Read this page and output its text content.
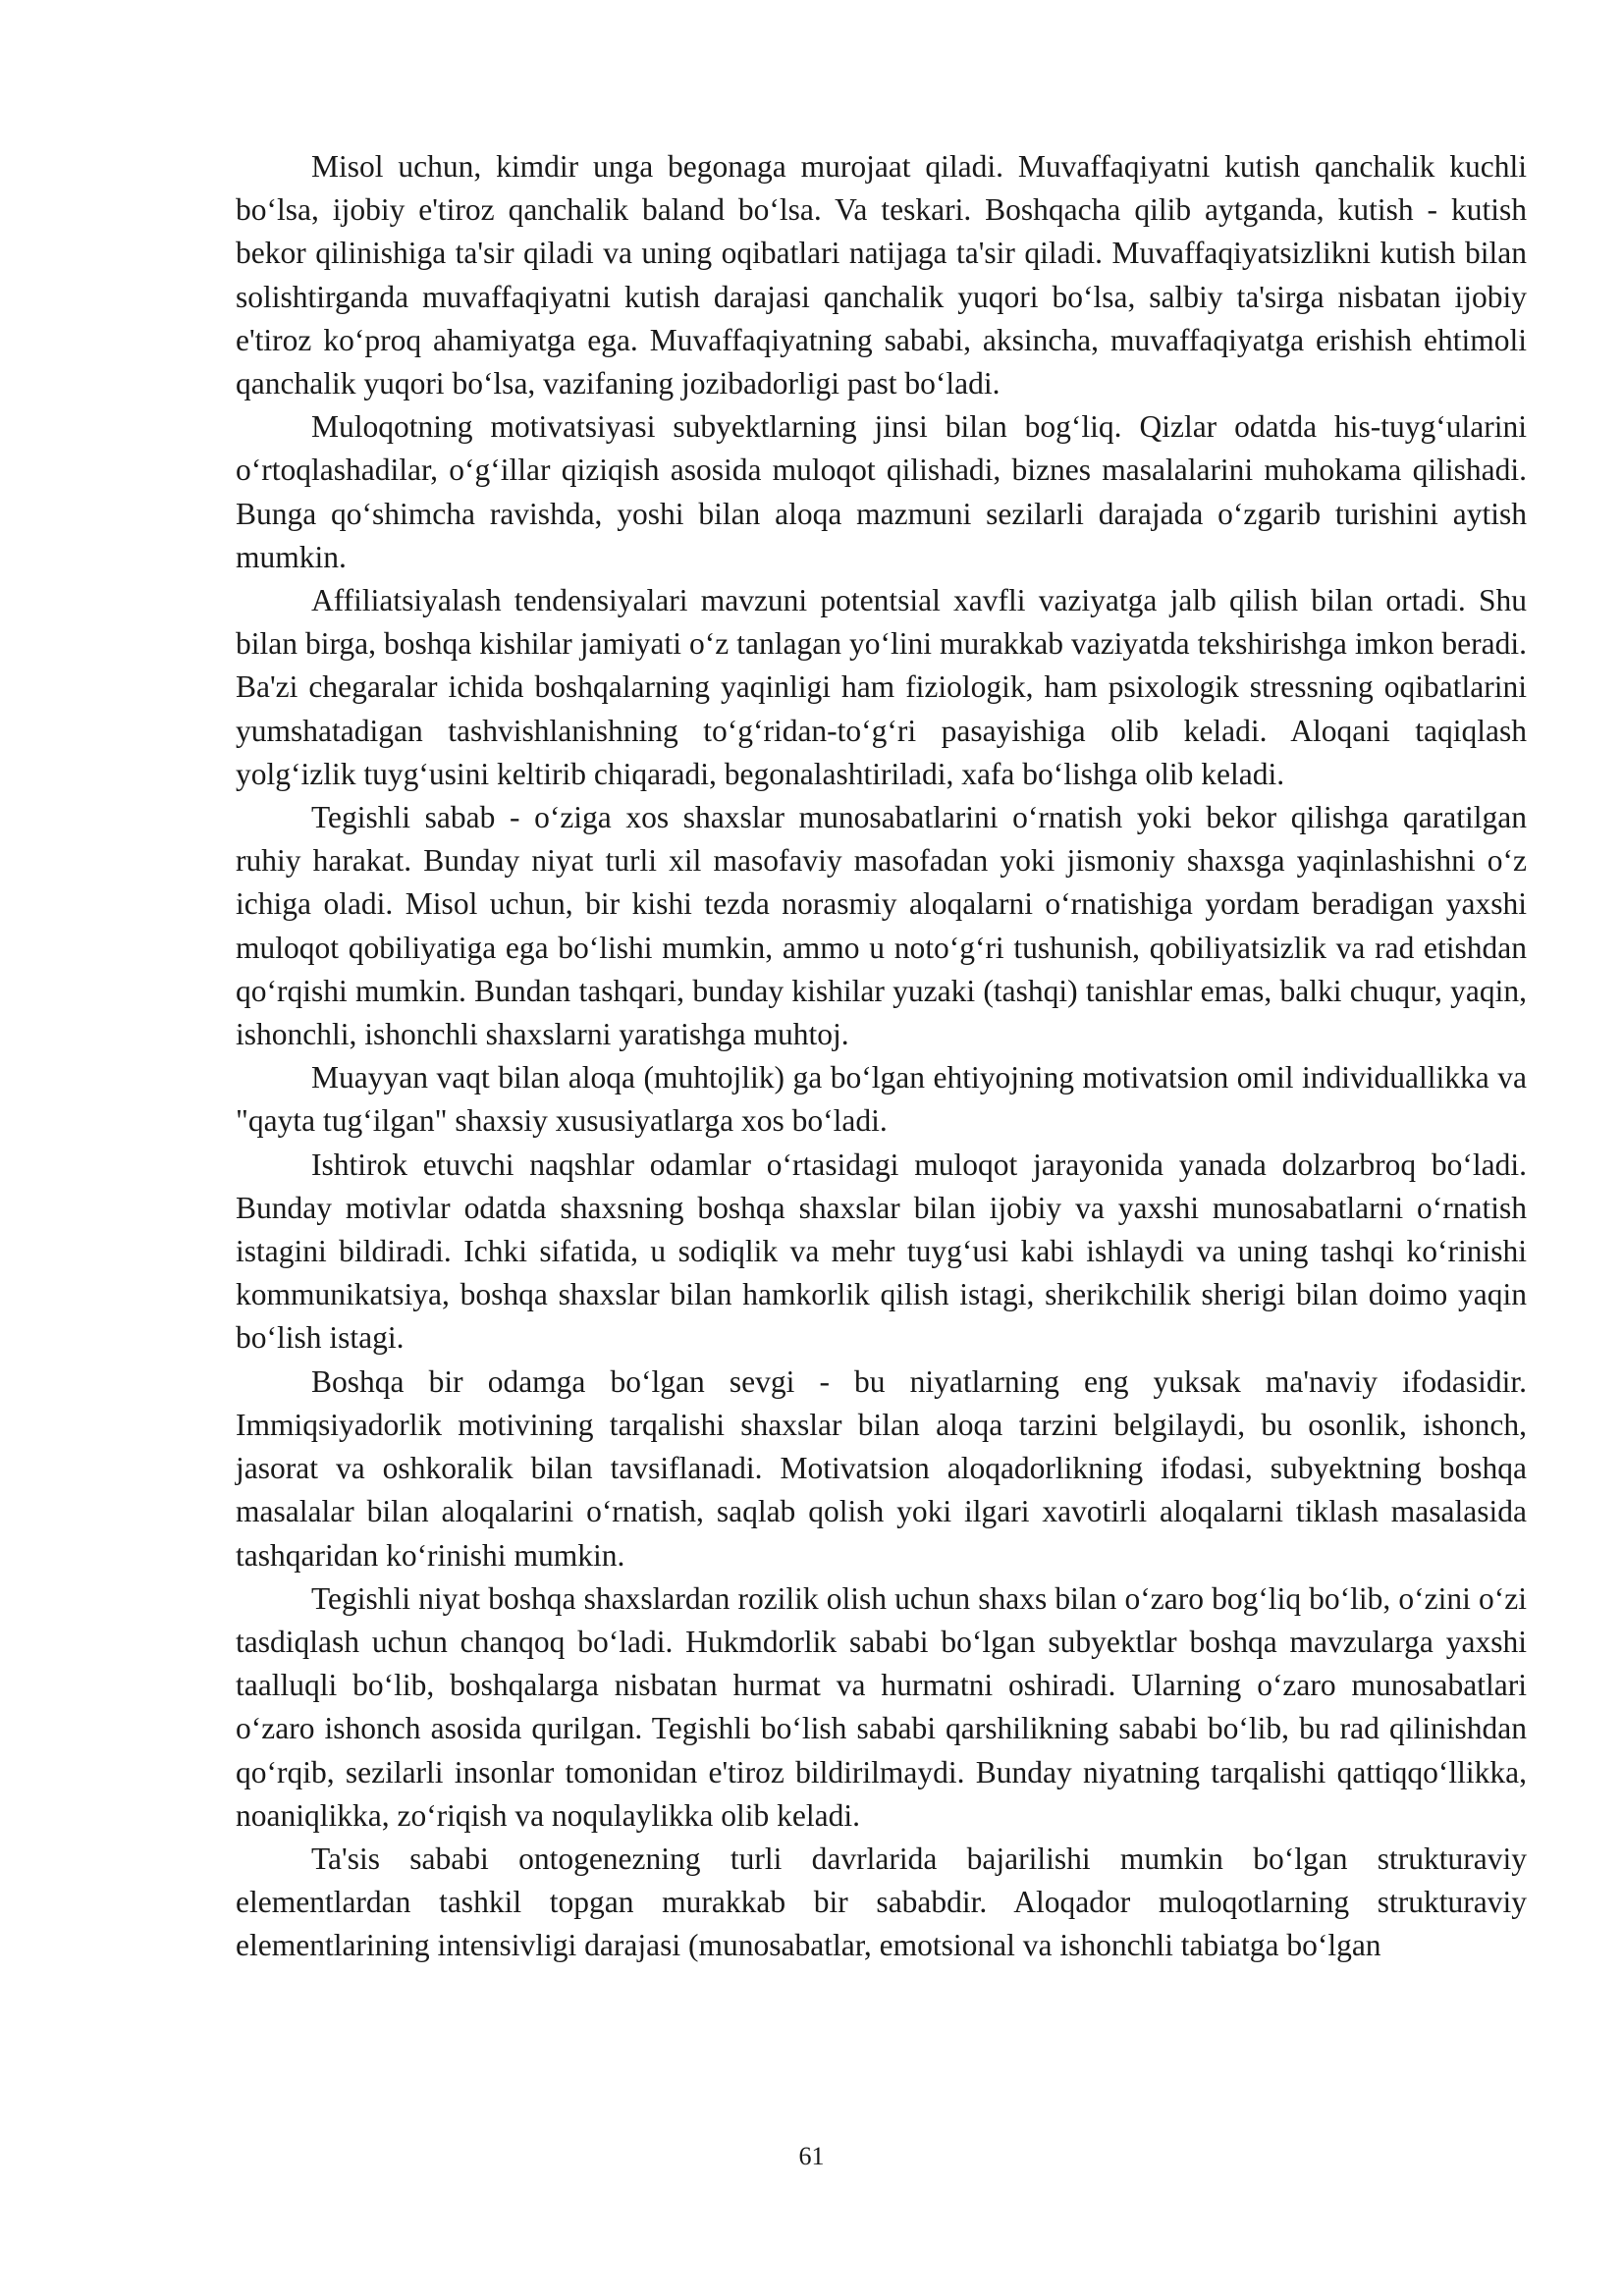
Misol uchun, kimdir unga begonaga murojaat qiladi. Muvaffaqiyatni kutish qanchalik kuchli bo‘lsa, ijobiy e'tiroz qanchalik baland bo‘lsa. Va teskari. Boshqacha qilib aytganda, kutish - kutish bekor qilinishiga ta'sir qiladi va uning oqibatlari natijaga ta'sir qiladi. Muvaffaqiyatsizlikni kutish bilan solishtirganda muvaffaqiyatni kutish darajasi qanchalik yuqori bo‘lsa, salbiy ta'sirga nisbatan ijobiy e'tiroz ko‘proq ahamiyatga ega. Muvaffaqiyatning sababi, aksincha, muvaffaqiyatga erishish ehtimoli qanchalik yuqori bo‘lsa, vazifaning jozibadorligi past bo‘ladi.

Muloqotning motivatsiyasi subyektlarning jinsi bilan bog‘liq. Qizlar odatda his-tuyg‘ularini o‘rtoqlashadilar, o‘g‘illar qiziqish asosida muloqot qilishadi, biznes masalalarini muhokama qilishadi. Bunga qo‘shimcha ravishda, yoshi bilan aloqa mazmuni sezilarli darajada o‘zgarib turishini aytish mumkin.

Affiliatsiyalash tendensiyalari mavzuni potentsial xavfli vaziyatga jalb qilish bilan ortadi. Shu bilan birga, boshqa kishilar jamiyati o‘z tanlagan yo‘lini murakkab vaziyatda tekshirishga imkon beradi. Ba'zi chegaralar ichida boshqalarning yaqinligi ham fiziologik, ham psixologik stressning oqibatlarini yumshatadigan tashvishlanishning to‘g‘ridan-to‘g‘ri pasayishiga olib keladi. Aloqani taqiqlash yolg‘izlik tuyg‘usini keltirib chiqaradi, begonalashtiriladi, xafa bo‘lishga olib keladi.

Tegishli sabab - o‘ziga xos shaxslar munosabatlarini o‘rnatish yoki bekor qilishga qaratilgan ruhiy harakat. Bunday niyat turli xil masofaviy masofadan yoki jismoniy shaxsga yaqinlashishni o‘z ichiga oladi. Misol uchun, bir kishi tezda norasmiy aloqalarni o‘rnatishiga yordam beradigan yaxshi muloqot qobiliyatiga ega bo‘lishi mumkin, ammo u noto‘g‘ri tushunish, qobiliyatsizlik va rad etishdan qo‘rqishi mumkin. Bundan tashqari, bunday kishilar yuzaki (tashqi) tanishlar emas, balki chuqur, yaqin, ishonchli, ishonchli shaxslarni yaratishga muhtoj.

Muayyan vaqt bilan aloqa (muhtojlik) ga bo‘lgan ehtiyojning motivatsion omil individuallikka va "qayta tug‘ilgan" shaxsiy xususiyatlarga xos bo‘ladi.

Ishtirok etuvchi naqshlar odamlar o‘rtasidagi muloqot jarayonida yanada dolzarbroq bo‘ladi. Bunday motivlar odatda shaxsning boshqa shaxslar bilan ijobiy va yaxshi munosabatlarni o‘rnatish istagini bildiradi. Ichki sifatida, u sodiqlik va mehr tuyg‘usi kabi ishlaydi va uning tashqi ko‘rinishi kommunikatsiya, boshqa shaxslar bilan hamkorlik qilish istagi, sherikchilik sherigi bilan doimo yaqin bo‘lish istagi.

Boshqa bir odamga bo‘lgan sevgi - bu niyatlarning eng yuksak ma'naviy ifodasidir. Immiqsiyadorlik motivining tarqalishi shaxslar bilan aloqa tarzini belgilaydi, bu osonlik, ishonch, jasorat va oshkoralik bilan tavsiflanadi. Motivatsion aloqadorlikning ifodasi, subyektning boshqa masalalar bilan aloqalarini o‘rnatish, saqlab qolish yoki ilgari xavotirli aloqalarni tiklash masalasida tashqaridan ko‘rinishi mumkin.

Tegishli niyat boshqa shaxslardan rozilik olish uchun shaxs bilan o‘zaro bog‘liq bo‘lib, o‘zini o‘zi tasdiqlash uchun chanqoq bo‘ladi. Hukmdorlik sababi bo‘lgan subyektlar boshqa mavzularga yaxshi taalluqli bo‘lib, boshqalarga nisbatan hurmat va hurmatni oshiradi. Ularning o‘zaro munosabatlari o‘zaro ishonch asosida qurilgan. Tegishli bo‘lish sababi qarshilikning sababi bo‘lib, bu rad qilinishdan qo‘rqib, sezilarli insonlar tomonidan e'tiroz bildirilmaydi. Bunday niyatning tarqalishi qattiqqo‘llikka, noaniqlikka, zo‘riqish va noqulaylikka olib keladi.

Ta'sis sababi ontogenezning turli davrlarida bajarilishi mumkin bo‘lgan strukturaviy elementlardan tashkil topgan murakkab bir sababdir. Aloqador muloqotlarning strukturaviy elementlarining intensivligi darajasi (munosabatlar, emotsional va ishonchli tabiatga bo‘lgan

61
